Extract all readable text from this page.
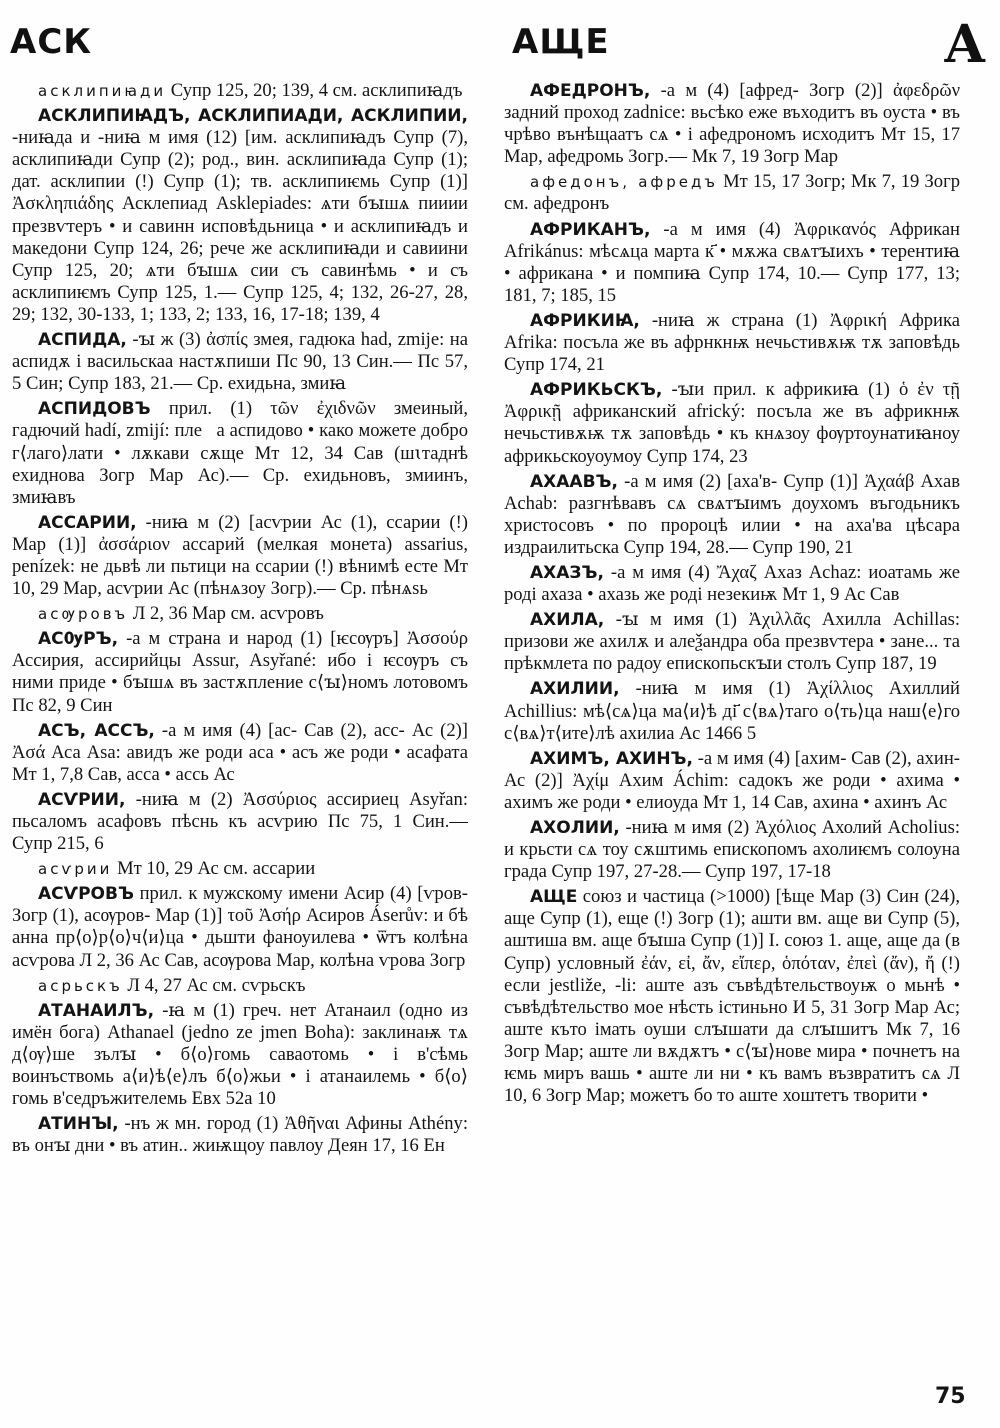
АСК	АЩЕ	А

асклипиꙗди Супр 125, 20; 139, 4 см. асклипиꙗдъ

АСКЛИПИꙖДЪ, АСКЛИПИАДИ, АСКЛИПИИ, -ниꙗда и -ниꙗ м имя (12) [им. асклипиꙗдъ Супр (7), асклипиꙗди Супр (2); род., вин. асклипиꙗда Супр (1); дат. асклипии (!) Супр (1); тв. асклипиѥмь Супр (1)] Ἀσκληπιάδης Асклепиад Asklepiades: ѧти бꙑшѧ пииии презвѵтеръ • и савинн исповѣдьница • и асклипиꙗдъ и македони Супр 124, 26; рече же асклипиꙗди и савиини Супр 125, 20; ѧти бꙑшѧ сии съ савинѣмь • и съ асклипиѥмъ Супр 125, 1.— Супр 125, 4; 132, 26-27, 28, 29; 132, 30-133, 1; 133, 2; 133, 16, 17-18; 139, 4

АСПИДА, -ꙑ ж (3) ἀσπίς змея, гадюка had, zmije: на аспидѫ і васильскаа настѫпиши Пс 90, 13 Син.— Пс 57, 5 Син; Супр 183, 21.— Ср. ехидьна, змиꙗ

АСПИДОВЪ прил. (1) τῶν ἐχιδνῶν змеиный, гадючий hadí, zmijí: плеⷨа аспидово • како можете добро г⟨лаго⟩лати • лѫкави сѫще Мт 12, 34 Сав (шꙇтаднѣ ехиднова Зогр Мар Ас).— Ср. ехидьновъ, змиинъ, змиꙗвъ

АССАРИИ, -ниꙗ м (2) [асѵрии Ас (1), ссарии (!) Мар (1)] ἀσσάριον ассарий (мелкая монета) assarius, penízek: не дьвѣ ли пьтици на ссарии (!) вѣнимѣ есте Мт 10, 29 Мар, асѵрии Ас (пѣнѧзоу Зогр).— Ср. пѣнѧѕь

асѹровъ Л 2, 36 Мар см. асѵровъ

АСѸРЪ, -а м страна и народ (1) [ѥсѹръ] Ἀσσούρ Ассирия, ассирийцы Assur, Asyřané: ибо і ѥсѹръ съ ними приде • бꙑшѧ въ застѫпление с⟨ꙑ⟩номъ лотовомъ Пс 82, 9 Син

АСЪ, АССЪ, -а м имя (4) [ас- Сав (2), асс- Ас (2)] Ἀσά Аса Asa: авидъ же роди аса • асъ же роди • асафата Мт 1, 7,8 Сав, асса • ассь Ас

АСѴРИИ, -ниꙗ м (2) Ἀσσύριος ассириец Asyřan: пьсаломъ асафовъ пѣснь къ асѵрию Пс 75, 1 Син.— Супр 215, 6

асѵрии Мт 10, 29 Ас см. ассарии

АСѴРОВЪ прил. к мужскому имени Асир (4) [ѵров- Зогр (1), асѹров- Мар (1)] τοῦ Ἀσήρ Асиров Áserův: и бѣ анна пр⟨о⟩р⟨о⟩ч⟨и⟩ца • дьшти фаноуилева • ѿтъ колѣна асѵрова Л 2, 36 Ас Сав, асѹрова Мар, колѣна ѵрова Зогр

асрьскъ Л 4, 27 Ас см. сѵрьскъ

АТАНАИЛЪ, -ꙗ м (1) греч. нет Атанаил (одно из имён бога) Athanael (jedno ze jmen Boha): заклинаѭ тѧ д⟨ѹ⟩ше зълꙑ • б⟨о⟩гомь саваотомь • і в'сѣмь воинъствомь а⟨и⟩ѣ⟨е⟩лъ б⟨о⟩жьи • і атанаилемь • б⟨о⟩гомь в'седръжителемь Евх 52а 10

АТИНꙐ, -нъ ж мн. город (1) Ἀθῆναι Афины Athény: въ онꙑ дни • въ атин.. жиѭщоу павлоу Деян 17, 16 Ен

АФЕДРОНЪ, -а м (4) [афред- Зогр (2)] ἀφεδρῶν задний проход zadnice: вьсѣко еже въходитъ въ оуста • въ чрѣво вънѣщаатъ сѧ • і афедрономъ исходитъ Мт 15, 17 Мар, афедромь Зогр.— Мк 7, 19 Зогр Мар

афедонъ, афредъ Мт 15, 17 Зогр; Мк 7, 19 Зогр см. афедронъ

АФРИКАНЪ, -а м имя (4) Ἀφρικανός Африкан Afrikánus: мѣсѧца марта к҃ • мѫжа свѧтꙑихъ • терентиꙗ • африкана • и помпиꙗ Супр 174, 10.— Супр 177, 13; 181, 7; 185, 15

АФРИКИꙖ, -ниꙗ ж страна (1) Ἀφρική Африка Afrika: посъла же въ афрнкнѭ нечьстивѫѭ тѫ заповѣдь Супр 174, 21

АФРИКЬСКЪ, -ꙑи прил. к африкиꙗ (1) ὁ ἐν τῇ Ἀφρικῇ африканский africký: посъла же въ африкнѭ нечьстивѫѭ тѫ заповѣдь • къ кнѧзоу фѹртоунатиꙗноу африкьскоуоумоу Супр 174, 23

АХААВЪ, -а м имя (2) [аха'в- Супр (1)] Ἀχαάβ Ахав Achab: разгнѣвавъ сѧ свѧтꙑимъ доухомъ въгодьникъ христосовъ • по пророцѣ илии • на аха'ва цѣсара издраилитьска Супр 194, 28.— Супр 190, 21

АХАЗЪ, -а м имя (4) Ἄχαζ Ахаз Achaz: иоатамь же роді ахаза • ахазь же роді незекиѭ Мт 1, 9 Ас Сав

АХИЛА, -ꙑ м имя (1) Ἀχιλλᾶς Ахилла Achillas: призови же ахилѫ и алеѯандра оба презвѵтера • зане... та прѣкмлета по радоу епископьскꙑи столъ Супр 187, 19

АХИЛИИ, -ниꙗ м имя (1) Ἀχίλλιος Ахиллий Achillius: мѣ⟨сѧ⟩ца ма⟨и⟩ѣ ді҃ с⟨вѧ⟩таго о⟨ть⟩ца наш⟨е⟩го с⟨вѧ⟩т⟨ите⟩лѣ ахилиа Ас 1466 5

АХИМЪ, АХИНЪ, -а м имя (4) [ахим- Сав (2), ахин- Ас (2)] Ἀχίμ Ахим Áchim: садокъ же роди • ахима • ахимъ же роди • елиоуда Мт 1, 14 Сав, ахина • ахинъ Ас

АХОЛИИ, -ниꙗ м имя (2) Ἀχόλιος Ахолий Acholius: и крьсти сѧ тоу сѫштимь епископомъ ахолиѥмъ солоуна града Супр 197, 27-28.— Супр 197, 17-18

АЩЕ союз и частица (>1000) [ѣще Мар (3) Син (24), аще Супр (1), еще (!) Зогр (1); ашти вм. аще ви Супр (5), аштиша вм. аще бꙑша Супр (1)] I. союз 1. аще, аще да (в Супр) условный ἐάν, εἰ, ἄν, εἴπερ, ὁπόταν, ἐπεὶ (ἄν), ἤ (!) если jestliže, -li: аште азъ съвѣдѣтельствоуѭ о мьнѣ • съвѣдѣтельство мое нѣсть істиньно И 5, 31 Зогр Мар Ас; аште къто імать оуши слꙑшати да слꙑшитъ Мк 7, 16 Зогр Мар; аште ли вѫдѫтъ • с⟨ꙑ⟩нове мира • почнетъ на ѥмь миръ вашь • аште ли ни • къ вамъ възвратитъ сѧ Л 10, 6 Зогр Мар; можетъ бо то аште хоштетъ творити •

75
